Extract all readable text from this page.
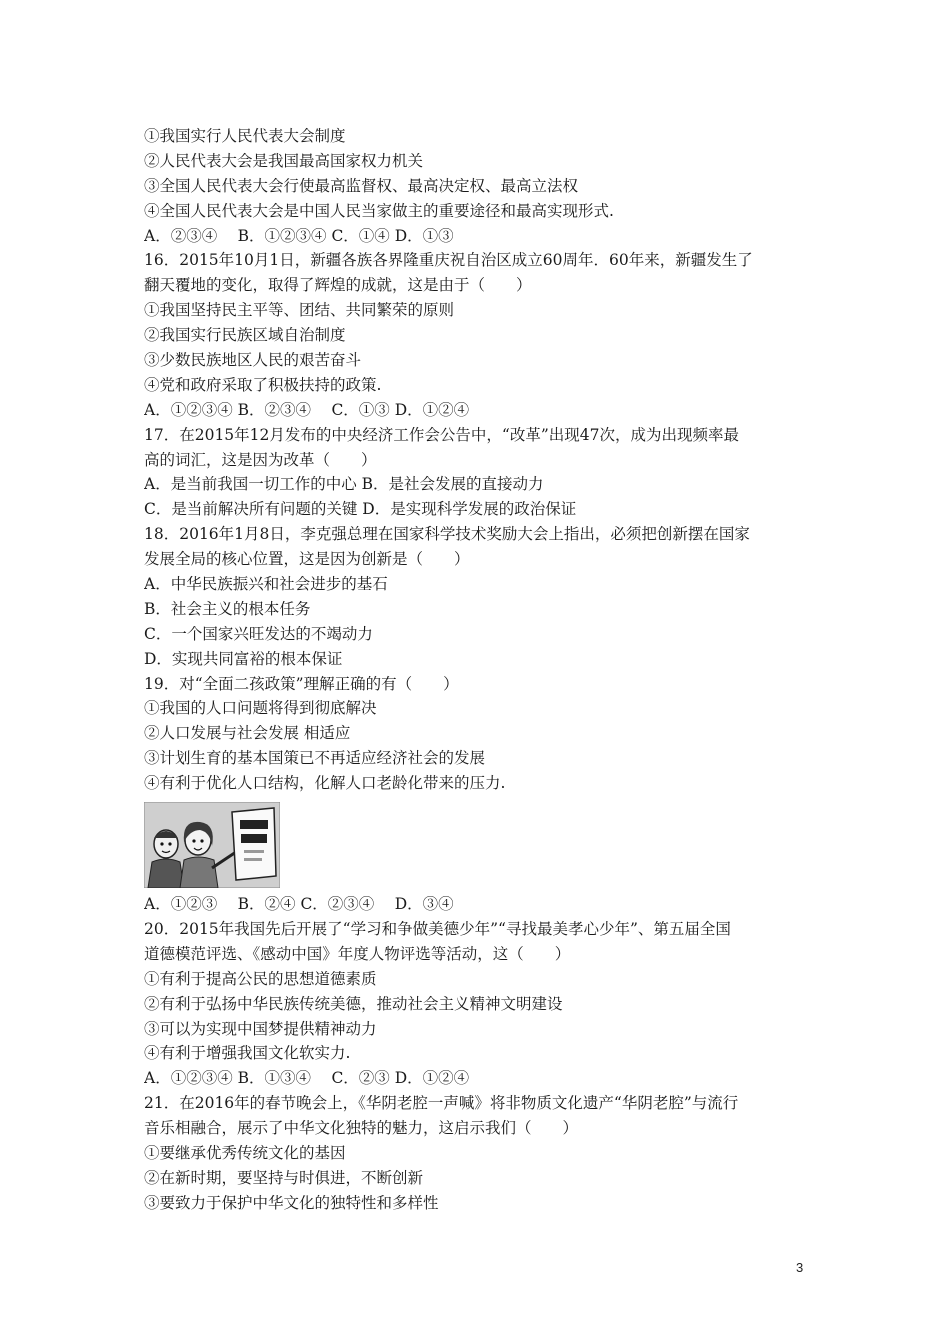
①我国实行人民代表大会制度
②人民代表大会是我国最高国家权力机关
③全国人民代表大会行使最高监督权、最高决定权、最高立法权
④全国人民代表大会是中国人民当家做主的重要途径和最高实现形式.
A．②③④　 B．①②③④ C．①④ D．①③
16．2015年10月1日，新疆各族各界隆重庆祝自治区成立60周年．60年来，新疆发生了
翻天覆地的变化，取得了辉煌的成就，这是由于（　　）
①我国坚持民主平等、团结、共同繁荣的原则
②我国实行民族区域自治制度
③少数民族地区人民的艰苦奋斗
④党和政府采取了积极扶持的政策.
A．①②③④ B．②③④　 C．①③ D．①②④
17．在2015年12月发布的中央经济工作会公告中，“改革”出现47次，成为出现频率最
高的词汇，这是因为改革（　　）
A．是当前我国一切工作的中心 B．是社会发展的直接动力
C．是当前解决所有问题的关键 D．是实现科学发展的政治保证
18．2016年1月8日，李克强总理在国家科学技术奖励大会上指出，必须把创新摆在国家
发展全局的核心位置，这是因为创新是（　　）
A．中华民族振兴和社会进步的基石
B．社会主义的根本任务
C．一个国家兴旺发达的不竭动力
D．实现共同富裕的根本保证
19．对“全面二孩政策”理解正确的有（　　）
①我国的人口问题将得到彻底解决
②人口发展与社会发展 相适应
③计划生育的基本国策已不再适应经济社会的发展
④有利于优化人口结构，化解人口老龄化带来的压力.
A．①②③　 B．②④ C．②③④　 D．③④
20．2015年我国先后开展了“学习和争做美德少年”“寻找最美孝心少年”、第五届全国
道德模范评选、《感动中国》年度人物评选等活动，这（　　）
①有利于提高公民的思想道德素质
②有利于弘扬中华民族传统美德，推动社会主义精神文明建设
③可以为实现中国梦提供精神动力
④有利于增强我国文化软实力.
A．①②③④ B．①③④　 C．②③ D．①②④
21．在2016年的春节晚会上，《华阴老腔一声喊》将非物质文化遗产“华阴老腔”与流行
音乐相融合，展示了中华文化独特的魅力，这启示我们（　　）
①要继承优秀传统文化的基因
②在新时期，要坚持与时俱进，不断创新
③要致力于保护中华文化的独特性和多样性
3
